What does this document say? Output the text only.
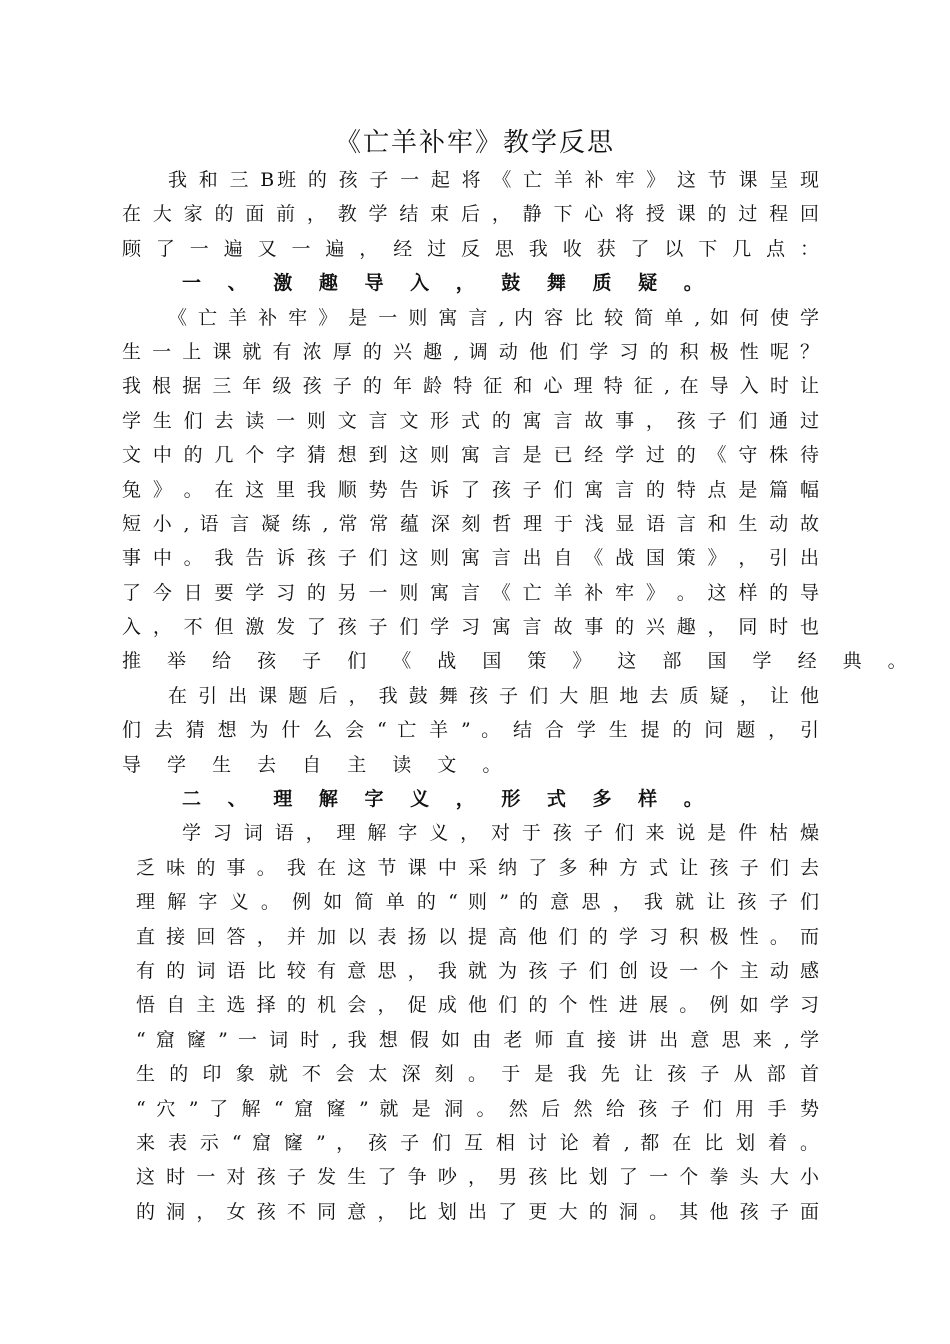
《亡羊补牢》教学反思
我 和 三 B班 的 孩 子 一 起 将 《 亡 羊 补 牢 》 这 节 课 呈 现
在 大 家 的 面 前 ， 教 学 结 束 后 ， 静 下 心 将 授 课 的 过 程 回
顾 了 一 遍 又 一 遍 ， 经 过 反 思 我 收 获 了 以 下 几 点 ：
一 、 激 趣 导 入 ， 鼓 舞 质 疑 。
《 亡 羊 补 牢 》 是 一 则 寓 言 , 内 容 比 较 简 单 , 如 何 使 学
生 一 上 课 就 有 浓 厚 的 兴 趣 , 调 动 他 们 学 习 的 积 极 性 呢 ？
我 根 据 三 年 级 孩 子 的 年 龄 特 征 和 心 理 特 征 , 在 导 入 时 让
学 生 们 去 读 一 则 文 言 文 形 式 的 寓 言 故 事 ， 孩 子 们 通 过
文 中 的 几 个 字 猜 想 到 这 则 寓 言 是 已 经 学 过 的 《 守 株 待
兔 》 。 在 这 里 我 顺 势 告 诉 了 孩 子 们 寓 言 的 特 点 是 篇 幅
短 小 , 语 言 凝 练 , 常 常 蕴 深 刻 哲 理 于 浅 显 语 言 和 生 动 故
事 中 。 我 告 诉 孩 子 们 这 则 寓 言 出 自 《 战 国 策 》 ， 引 出
了 今 日 要 学 习 的 另 一 则 寓 言 《 亡 羊 补 牢 》 。 这 样 的 导
入 ， 不 但 激 发 了 孩 子 们 学 习 寓 言 故 事 的 兴 趣 ， 同 时 也
推 举 给 孩 子 们 《 战 国 策 》 这 部 国 学 经 典 。
在 引 出 课 题 后 ， 我 鼓 舞 孩 子 们 大 胆 地 去 质 疑 ， 让 他
们 去 猜 想 为 什 么 会 “ 亡 羊 ” 。 结 合 学 生 提 的 问 题 ， 引
导 学 生 去 自 主 读 文 。
二 、 理 解 字 义 ， 形 式 多 样 。
学 习 词 语 ， 理 解 字 义 ， 对 于 孩 子 们 来 说 是 件 枯 燥
乏 味 的 事 。 我 在 这 节 课 中 采 纳 了 多 种 方 式 让 孩 子 们 去
理 解 字 义 。 例 如 简 单 的 “ 则 ” 的 意 思 ， 我 就 让 孩 子 们
直 接 回 答 ， 并 加 以 表 扬 以 提 高 他 们 的 学 习 积 极 性 。 而
有 的 词 语 比 较 有 意 思 ， 我 就 为 孩 子 们 创 设 一 个 主 动 感
悟 自 主 选 择 的 机 会 ， 促 成 他 们 的 个 性 进 展 。 例 如 学 习
“ 窟 窿 ” 一 词 时 , 我 想 假 如 由 老 师 直 接 讲 出 意 思 来 , 学
生 的 印 象 就 不 会 太 深 刻 。 于 是 我 先 让 孩 子 从 部 首
“ 穴 ” 了 解 “ 窟 窿 ” 就 是 洞 。 然 后 然 给 孩 子 们 用 手 势
来 表 示 “ 窟 窿 ” ， 孩 子 们 互 相 讨 论 着 , 都 在 比 划 着 。
这 时 一 对 孩 子 发 生 了 争 吵 ， 男 孩 比 划 了 一 个 拳 头 大 小
的 洞 ， 女 孩 不 同 意 ， 比 划 出 了 更 大 的 洞 。 其 他 孩 子 面
